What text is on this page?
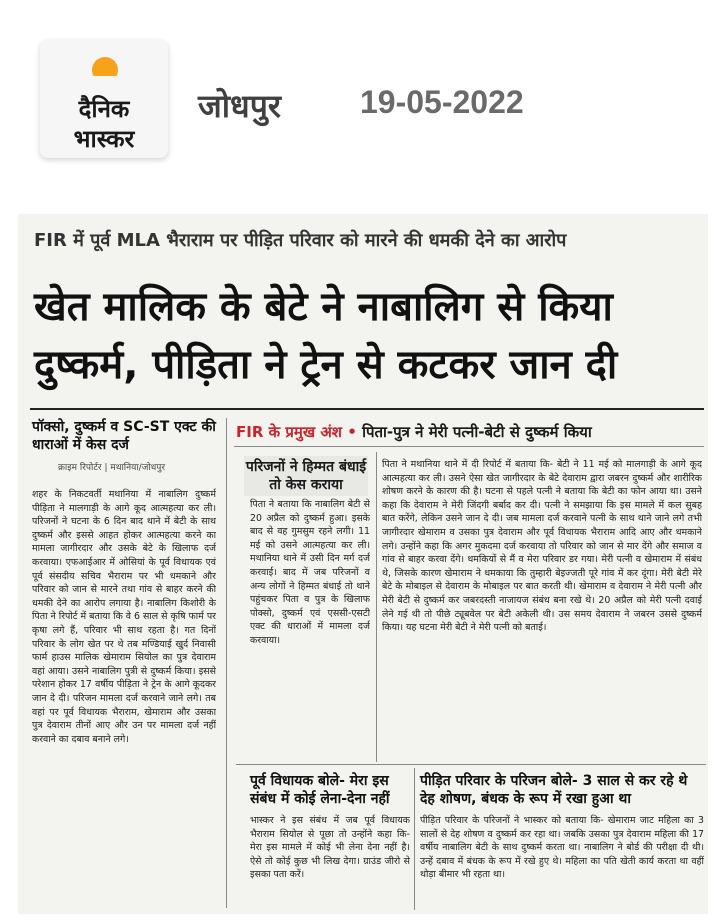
दैनिक
भास्कर
जोधपुर 19-05-2022
FIR में पूर्व MLA भैराराम पर पीड़ित परिवार को मारने की धमकी देने का आरोप
खेत मालिक के बेटे ने नाबालिग से किया
दुष्कर्म, पीड़िता ने ट्रेन से कटकर जान दी
पॉक्सो, दुष्कर्म व SC-ST एक्ट की धाराओं में केस दर्ज
क्राइम रिपोर्टर | मथानिया/जोधपुर
शहर के निकटवर्ती मथानिया में नाबालिग दुष्कर्म पीड़िता ने मालगाड़ी के आगे कूद आत्महत्या कर ली। परिजनों ने घटना के 6 दिन बाद थाने में बेटी के साथ दुष्कर्म और इससे आहत होकर आत्महत्या करने का मामला जागीरदार और उसके बेटे के खिलाफ दर्ज करवाया। एफआईआर में ओसियां के पूर्व विधायक एवं पूर्व संसदीय सचिव भैराराम पर भी धमकाने और परिवार को जान से मारने तथा गांव से बाहर करने की धमकी देने का आरोप लगाया है। नाबालिग किशोरी के पिता ने रिपोर्ट में बताया कि वे 6 साल से कृषि फार्म पर कृषा लगे हैं, परिवार भी साथ रहता है। गत दिनों परिवार के लोग खेत पर थे तब मण्डियाई खुर्द निवासी फार्म हाउस मालिक खेमाराम सियोल का पुत्र देवाराम वहां आया। उसने नाबालिग पुत्री से दुष्कर्म किया। इससे परेशान होकर 17 वर्षीय पीड़िता ने ट्रेन के आगे कूदकर जान दे दी। परिजन मामला दर्ज करवाने जाने लगे। तब वहां पर पूर्व विधायक भैराराम, खेमाराम और उसका पुत्र देवाराम तीनों आए और उन पर मामला दर्ज नहीं करवाने का दबाव बनाने लगे।
FIR के प्रमुख अंश • पिता-पुत्र ने मेरी पत्नी-बेटी से दुष्कर्म किया
परिजनों ने हिम्मत बंधाई तो केस कराया
पिता ने बताया कि नाबालिग बेटी से 20 अप्रैल को दुष्कर्म हुआ। इसके बाद से वह गुमसुम रहने लगी। 11 मई को उसने आत्महत्या कर ली। मथानिया थाने में उसी दिन मर्ग दर्ज करवाई। बाद में जब परिजनों व अन्य लोगों ने हिम्मत बंधाई तो थाने पहुंचकर पिता व पुत्र के खिलाफ पोक्सो, दुष्कर्म एवं एससी-एसटी एक्ट की धाराओं में मामला दर्ज करवाया।
पिता ने मथानिया थाने में दी रिपोर्ट में बताया कि- बेटी ने 11 मई को मालगाड़ी के आगे कूद आत्महत्या कर ली। उसने ऐसा खेत जागीरदार के बेटे देवाराम द्वारा जबरन दुष्कर्म और शारीरिक शोषण करने के कारण की है। घटना से पहले पत्नी ने बताया कि बेटी का फोन आया था। उसने कहा कि देवाराम ने मेरी जिंदगी बर्बाद कर दी। पत्नी ने समझाया कि इस मामले में कल सुबह बात करेंगे, लेकिन उसने जान दे दी। जब मामला दर्ज करवाने पत्नी के साथ थाने जाने लगे तभी जागीरदार खेमाराम व उसका पुत्र देवाराम और पूर्व विधायक भैराराम आदि आए और धमकाने लगे। उन्होंने कहा कि अगर मुकदमा दर्ज करवाया तो परिवार को जान से मार देंगे और समाज व गांव से बाहर करवा देंगे। धमकियों से मैं व मेरा परिवार डर गया। मेरी पत्नी व खेमाराम में संबंध थे, जिसके कारण खेमाराम ने धमकाया कि तुम्हारी बेइज्जती पूरे गांव में कर दूंगा। मेरी बेटी मेरे बेटे के मोबाइल से देवाराम के मोबाइल पर बात करती थी। खेमाराम व देवाराम ने मेरी पत्नी और मेरी बेटी से दुष्कर्म कर जबरदस्ती नाजायज संबंध बना रखे थे। 20 अप्रैल को मेरी पत्नी दवाई लेने गई थी तो पीछे ट्यूबवेल पर बेटी अकेली थी। उस समय देवाराम ने जबरन उससे दुष्कर्म किया। यह घटना मेरी बेटी ने मेरी पत्नी को बताई।
पूर्व विधायक बोले- मेरा इस संबंध में कोई लेना-देना नहीं
पीड़ित परिवार के परिजन बोले- 3 साल से कर रहे थे देह शोषण, बंधक के रूप में रखा हुआ था
भास्कर ने इस संबंध में जब पूर्व विधायक भैराराम सियोल से पूछा तो उन्होंने कहा कि- मेरा इस मामले में कोई भी लेना देना नहीं है। ऐसे तो कोई कुछ भी लिख देगा। ग्राउंड जीरो से इसका पता करें।
पीड़ित परिवार के परिजनों ने भास्कर को बताया कि- खेमाराम जाट महिला का 3 सालों से देह शोषण व दुष्कर्म कर रहा था। जबकि उसका पुत्र देवाराम महिला की 17 वर्षीय नाबालिग बेटी के साथ दुष्कर्म करता था। नाबालिग ने बोर्ड की परीक्षा दी थी। उन्हें दबाव में बंधक के रूप में रखे हुए थे। महिला का पति खेती कार्य करता था वहीं थोड़ा बीमार भी रहता था।
